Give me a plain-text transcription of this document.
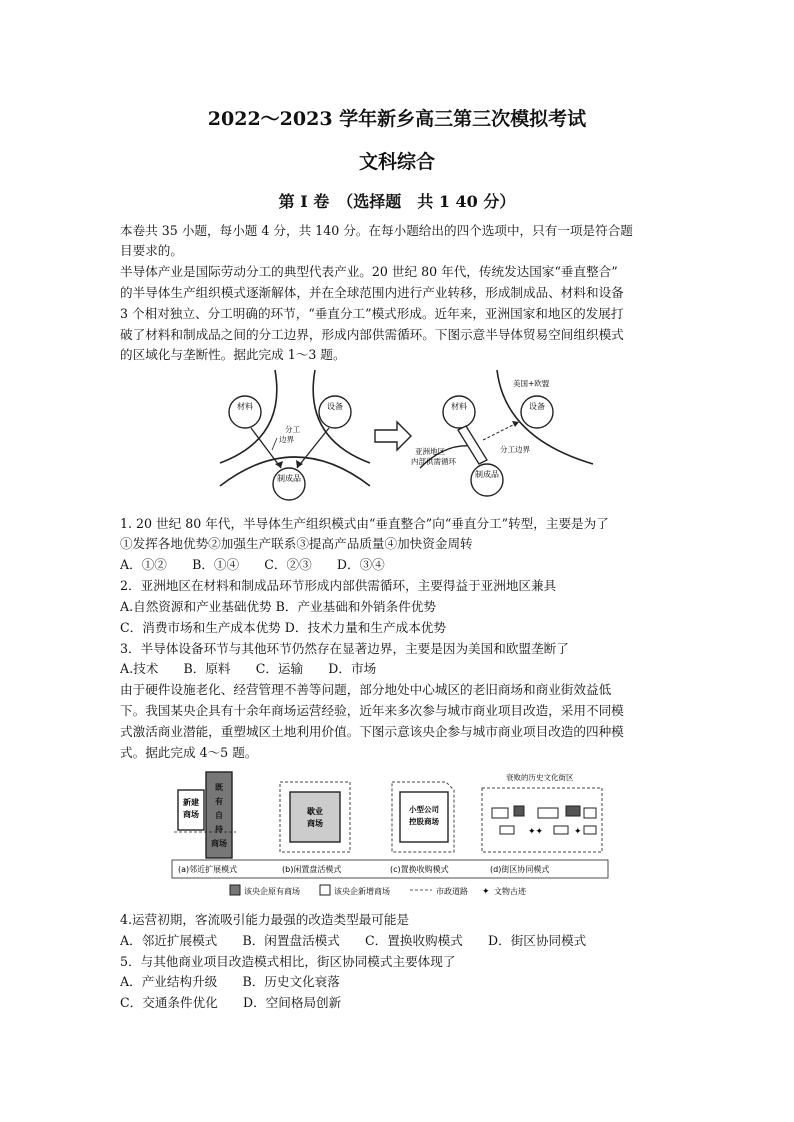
2022～2023 学年新乡高三第三次模拟考试
文科综合
第 I 卷　（选择题　共 1 40 分）
本卷共 35 小题，每小题 4 分，共 140 分。在每小题给出的四个选项中，只有一项是符合题
目要求的。
半导体产业是国际劳动分工的典型代表产业。20 世纪 80 年代，传统发达国家“垂直整合”
的半导体生产组织模式逐渐解体，并在全球范围内进行产业转移，形成制成品、材料和设备
3 个相对独立、分工明确的环节，“垂直分工”模式形成。近年来，亚洲国家和地区的发展打
破了材料和制成品之间的分工边界，形成内部供需循环。下图示意半导体贸易空间组织模式
的区域化与垄断性。据此完成 1～3 题。
材料	设备
制成品
分工
边界
美国+欧盟
材料	设备
制成品
亚洲地区
内部供需循环
分工边界
1. 20 世纪 80 年代，半导体生产组织模式由“垂直整合”向“垂直分工”转型，主要是为了
①发挥各地优势②加强生产联系③提高产品质量④加快资金周转
A．①②　　B．①④　　C．②③　　D．③④
2．亚洲地区在材料和制成品环节形成内部供需循环，主要得益于亚洲地区兼具
A.自然资源和产业基础优势 B．产业基础和外销条件优势
C．消费市场和生产成本优势 D．技术力量和生产成本优势
3．半导体设备环节与其他环节仍然存在显著边界，主要是因为美国和欧盟垄断了
A.技术　　B．原料　　C．运输　　D．市场
由于硬件设施老化、经营管理不善等问题，部分地处中心城区的老旧商场和商业街效益低
下。我国某央企具有十余年商场运营经验，近年来多次参与城市商业项目改造，采用不同模
式激活商业潜能，重塑城区土地利用价值。下图示意该央企参与城市商业项目改造的四种模
式。据此完成 4～5 题。
新建
商场
既
有
自
持
商场
(a)邻近扩展模式
歇业
商场
(b)闲置盘活模式
小型公司
控股商场
(c)置换收购模式
衰败的历史文化街区
✦✦	✦
(d)街区协同模式
该央企原有商场	该央企新增商场	市政道路 ✦ 文物古迹
4.运营初期，客流吸引能力最强的改造类型最可能是
A．邻近扩展模式　　B．闲置盘活模式　　C．置换收购模式　　D．街区协同模式
5．与其他商业项目改造模式相比，街区协同模式主要体现了
A．产业结构升级　　B．历史文化衰落
C．交通条件优化　　D．空间格局创新
